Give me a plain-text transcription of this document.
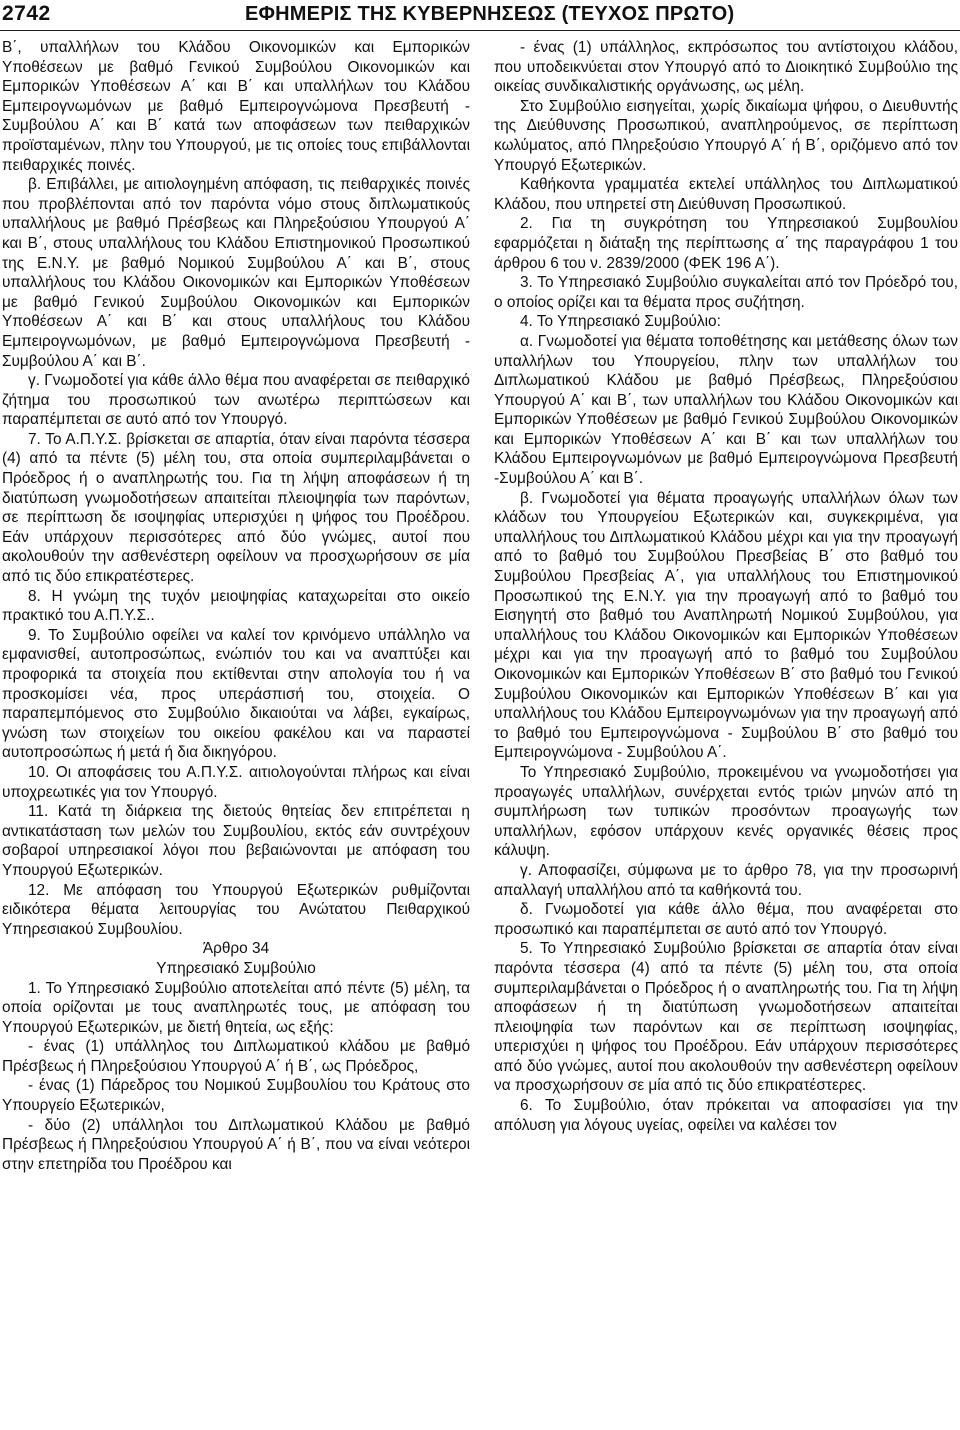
2742	ΕΦΗΜΕΡΙΣ ΤΗΣ ΚΥΒΕΡΝΗΣΕΩΣ (ΤΕΥΧΟΣ ΠΡΩΤΟ)

Β΄, υπαλλήλων του Κλάδου Οικονομικών και Εμπορικών Υποθέσεων με βαθμό Γενικού Συμβούλου Οικονομικών και Εμπορικών Υποθέσεων Α΄ και Β΄ και υπαλλήλων του Κλάδου Εμπειρογνωμόνων με βαθμό Εμπειρογνώμονα Πρεσβευτή - Συμβούλου Α΄ και Β΄ κατά των αποφάσεων των πειθαρχικών προϊσταμένων, πλην του Υπουργού, με τις οποίες τους επιβάλλονται πειθαρχικές ποινές.

β. Επιβάλλει, με αιτιολογημένη απόφαση, τις πειθαρχικές ποινές που προβλέπονται από τον παρόντα νόμο στους διπλωματικούς υπαλλήλους με βαθμό Πρέσβεως και Πληρεξούσιου Υπουργού Α΄ και Β΄, στους υπαλλήλους του Κλάδου Επιστημονικού Προσωπικού της Ε.Ν.Υ. με βαθμό Νομικού Συμβούλου Α΄ και Β΄, στους υπαλλήλους του Κλάδου Οικονομικών και Εμπορικών Υποθέσεων με βαθμό Γενικού Συμβούλου Οικονομικών και Εμπορικών Υποθέσεων Α΄ και Β΄ και στους υπαλλήλους του Κλάδου Εμπειρογνωμόνων, με βαθμό Εμπειρογνώμονα Πρεσβευτή - Συμβούλου Α΄ και Β΄.

γ. Γνωμοδοτεί για κάθε άλλο θέμα που αναφέρεται σε πειθαρχικό ζήτημα του προσωπικού των ανωτέρω περιπτώσεων και παραπέμπεται σε αυτό από τον Υπουργό.

7. Το Α.Π.Υ.Σ. βρίσκεται σε απαρτία, όταν είναι παρόντα τέσσερα (4) από τα πέντε (5) μέλη του, στα οποία συμπεριλαμβάνεται ο Πρόεδρος ή ο αναπληρωτής του. Για τη λήψη αποφάσεων ή τη διατύπωση γνωμοδοτήσεων απαιτείται πλειοψηφία των παρόντων, σε περίπτωση δε ισοψηφίας υπερισχύει η ψήφος του Προέδρου. Εάν υπάρχουν περισσότερες από δύο γνώμες, αυτοί που ακολουθούν την ασθενέστερη οφείλουν να προσχωρήσουν σε μία από τις δύο επικρατέστερες.

8. Η γνώμη της τυχόν μειοψηφίας καταχωρείται στο οικείο πρακτικό του Α.Π.Υ.Σ..

9. Το Συμβούλιο οφείλει να καλεί τον κρινόμενο υπάλληλο να εμφανισθεί, αυτοπροσώπως, ενώπιόν του και να αναπτύξει και προφορικά τα στοιχεία που εκτίθενται στην απολογία του ή να προσκομίσει νέα, προς υπεράσπισή του, στοιχεία. Ο παραπεμπόμενος στο Συμβούλιο δικαιούται να λάβει, εγκαίρως, γνώση των στοιχείων του οικείου φακέλου και να παραστεί αυτοπροσώπως ή μετά ή δια δικηγόρου.

10. Οι αποφάσεις του Α.Π.Υ.Σ. αιτιολογούνται πλήρως και είναι υποχρεωτικές για τον Υπουργό.

11. Κατά τη διάρκεια της διετούς θητείας δεν επιτρέπεται η αντικατάσταση των μελών του Συμβουλίου, εκτός εάν συντρέχουν σοβαροί υπηρεσιακοί λόγοι που βεβαιώνονται με απόφαση του Υπουργού Εξωτερικών.

12. Με απόφαση του Υπουργού Εξωτερικών ρυθμίζονται ειδικότερα θέματα λειτουργίας του Ανώτατου Πειθαρχικού Υπηρεσιακού Συμβουλίου.

Άρθρο 34

Υπηρεσιακό Συμβούλιο

1. Το Υπηρεσιακό Συμβούλιο αποτελείται από πέντε (5) μέλη, τα οποία ορίζονται με τους αναπληρωτές τους, με απόφαση του Υπουργού Εξωτερικών, με διετή θητεία, ως εξής:

- ένας (1) υπάλληλος του Διπλωματικού κλάδου με βαθμό Πρέσβεως ή Πληρεξούσιου Υπουργού Α΄ ή Β΄, ως Πρόεδρος,

- ένας (1) Πάρεδρος του Νομικού Συμβουλίου του Κράτους στο Υπουργείο Εξωτερικών,

- δύο (2) υπάλληλοι του Διπλωματικού Κλάδου με βαθμό Πρέσβεως ή Πληρεξούσιου Υπουργού Α΄ ή Β΄, που να είναι νεότεροι στην επετηρίδα του Προέδρου και

- ένας (1) υπάλληλος, εκπρόσωπος του αντίστοιχου κλάδου, που υποδεικνύεται στον Υπουργό από το Διοικητικό Συμβούλιο της οικείας συνδικαλιστικής οργάνωσης, ως μέλη.

Στο Συμβούλιο εισηγείται, χωρίς δικαίωμα ψήφου, ο Διευθυντής της Διεύθυνσης Προσωπικού, αναπληρούμενος, σε περίπτωση κωλύματος, από Πληρεξούσιο Υπουργό Α΄ ή Β΄, οριζόμενο από τον Υπουργό Εξωτερικών.

Καθήκοντα γραμματέα εκτελεί υπάλληλος του Διπλωματικού Κλάδου, που υπηρετεί στη Διεύθυνση Προσωπικού.

2. Για τη συγκρότηση του Υπηρεσιακού Συμβουλίου εφαρμόζεται η διάταξη της περίπτωσης α΄ της παραγράφου 1 του άρθρου 6 του ν. 2839/2000 (ΦΕΚ 196 Α΄).

3. Το Υπηρεσιακό Συμβούλιο συγκαλείται από τον Πρόεδρό του, ο οποίος ορίζει και τα θέματα προς συζήτηση.

4. Το Υπηρεσιακό Συμβούλιο:

α. Γνωμοδοτεί για θέματα τοποθέτησης και μετάθεσης όλων των υπαλλήλων του Υπουργείου, πλην των υπαλλήλων του Διπλωματικού Κλάδου με βαθμό Πρέσβεως, Πληρεξούσιου Υπουργού Α΄ και Β΄, των υπαλλήλων του Κλάδου Οικονομικών και Εμπορικών Υποθέσεων με βαθμό Γενικού Συμβούλου Οικονομικών και Εμπορικών Υποθέσεων Α΄ και Β΄ και των υπαλλήλων του Κλάδου Εμπειρογνωμόνων με βαθμό Εμπειρογνώμονα Πρεσβευτή -Συμβούλου Α΄ και Β΄.

β. Γνωμοδοτεί για θέματα προαγωγής υπαλλήλων όλων των κλάδων του Υπουργείου Εξωτερικών και, συγκεκριμένα, για υπαλλήλους του Διπλωματικού Κλάδου μέχρι και για την προαγωγή από το βαθμό του Συμβούλου Πρεσβείας Β΄ στο βαθμό του Συμβούλου Πρεσβείας Α΄, για υπαλλήλους του Επιστημονικού Προσωπικού της Ε.Ν.Υ. για την προαγωγή από το βαθμό του Εισηγητή στο βαθμό του Αναπληρωτή Νομικού Συμβούλου, για υπαλλήλους του Κλάδου Οικονομικών και Εμπορικών Υποθέσεων μέχρι και για την προαγωγή από το βαθμό του Συμβούλου Οικονομικών και Εμπορικών Υποθέσεων Β΄ στο βαθμό του Γενικού Συμβούλου Οικονομικών και Εμπορικών Υποθέσεων Β΄ και για υπαλλήλους του Κλάδου Εμπειρογνωμόνων για την προαγωγή από το βαθμό του Εμπειρογνώμονα - Συμβούλου Β΄ στο βαθμό του Εμπειρογνώμονα - Συμβούλου Α΄.

Το Υπηρεσιακό Συμβούλιο, προκειμένου να γνωμοδοτήσει για προαγωγές υπαλλήλων, συνέρχεται εντός τριών μηνών από τη συμπλήρωση των τυπικών προσόντων προαγωγής των υπαλλήλων, εφόσον υπάρχουν κενές οργανικές θέσεις προς κάλυψη.

γ. Αποφασίζει, σύμφωνα με το άρθρο 78, για την προσωρινή απαλλαγή υπαλλήλου από τα καθήκοντά του.

δ. Γνωμοδοτεί για κάθε άλλο θέμα, που αναφέρεται στο προσωπικό και παραπέμπεται σε αυτό από τον Υπουργό.

5. Το Υπηρεσιακό Συμβούλιο βρίσκεται σε απαρτία όταν είναι παρόντα τέσσερα (4) από τα πέντε (5) μέλη του, στα οποία συμπεριλαμβάνεται ο Πρόεδρος ή ο αναπληρωτής του. Για τη λήψη αποφάσεων ή τη διατύπωση γνωμοδοτήσεων απαιτείται πλειοψηφία των παρόντων και σε περίπτωση ισοψηφίας, υπερισχύει η ψήφος του Προέδρου. Εάν υπάρχουν περισσότερες από δύο γνώμες, αυτοί που ακολουθούν την ασθενέστερη οφείλουν να προσχωρήσουν σε μία από τις δύο επικρατέστερες.

6. Το Συμβούλιο, όταν πρόκειται να αποφασίσει για την απόλυση για λόγους υγείας, οφείλει να καλέσει τον
